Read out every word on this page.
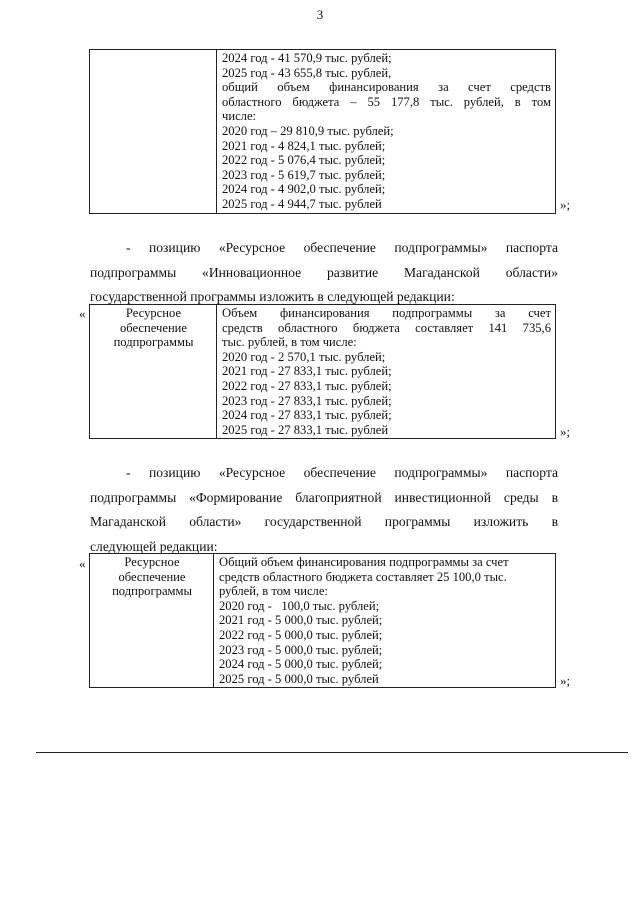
3

2024 год - 41 570,9 тыс. рублей;
2025 год - 43 655,8 тыс. рублей,
общий объем финансирования за счет средств
областного бюджета – 55 177,8 тыс. рублей, в том
числе:
2020 год – 29 810,9 тыс. рублей;
2021 год - 4 824,1 тыс. рублей;
2022 год - 5 076,4 тыс. рублей;
2023 год - 5 619,7 тыс. рублей;
2024 год - 4 902,0 тыс. рублей;
2025 год - 4 944,7 тыс. рублей	»;
- позицию «Ресурсное обеспечение подпрограммы» паспорта
подпрограммы «Инновационное развитие Магаданской области»
государственной программы изложить в следующей редакции:
«	Ресурсное обеспечение подпрограммы	
Объем финансирования подпрограммы за счет
средств областного бюджета составляет 141 735,6
тыс. рублей, в том числе:
2020 год - 2 570,1 тыс. рублей;
2021 год - 27 833,1 тыс. рублей;
2022 год - 27 833,1 тыс. рублей;
2023 год - 27 833,1 тыс. рублей;
2024 год - 27 833,1 тыс. рублей;
2025 год - 27 833,1 тыс. рублей	»;
- позицию «Ресурсное обеспечение подпрограммы» паспорта
подпрограммы «Формирование благоприятной инвестиционной среды в
Магаданской области» государственной программы изложить в
следующей редакции:
«	Ресурсное обеспечение подпрограммы	
Общий объем финансирования подпрограммы за счет
средств областного бюджета составляет 25 100,0 тыс.
рублей, в том числе:
2020 год -   100,0 тыс. рублей;
2021 год - 5 000,0 тыс. рублей;
2022 год - 5 000,0 тыс. рублей;
2023 год - 5 000,0 тыс. рублей;
2024 год - 5 000,0 тыс. рублей;
2025 год - 5 000,0 тыс. рублей	»;
